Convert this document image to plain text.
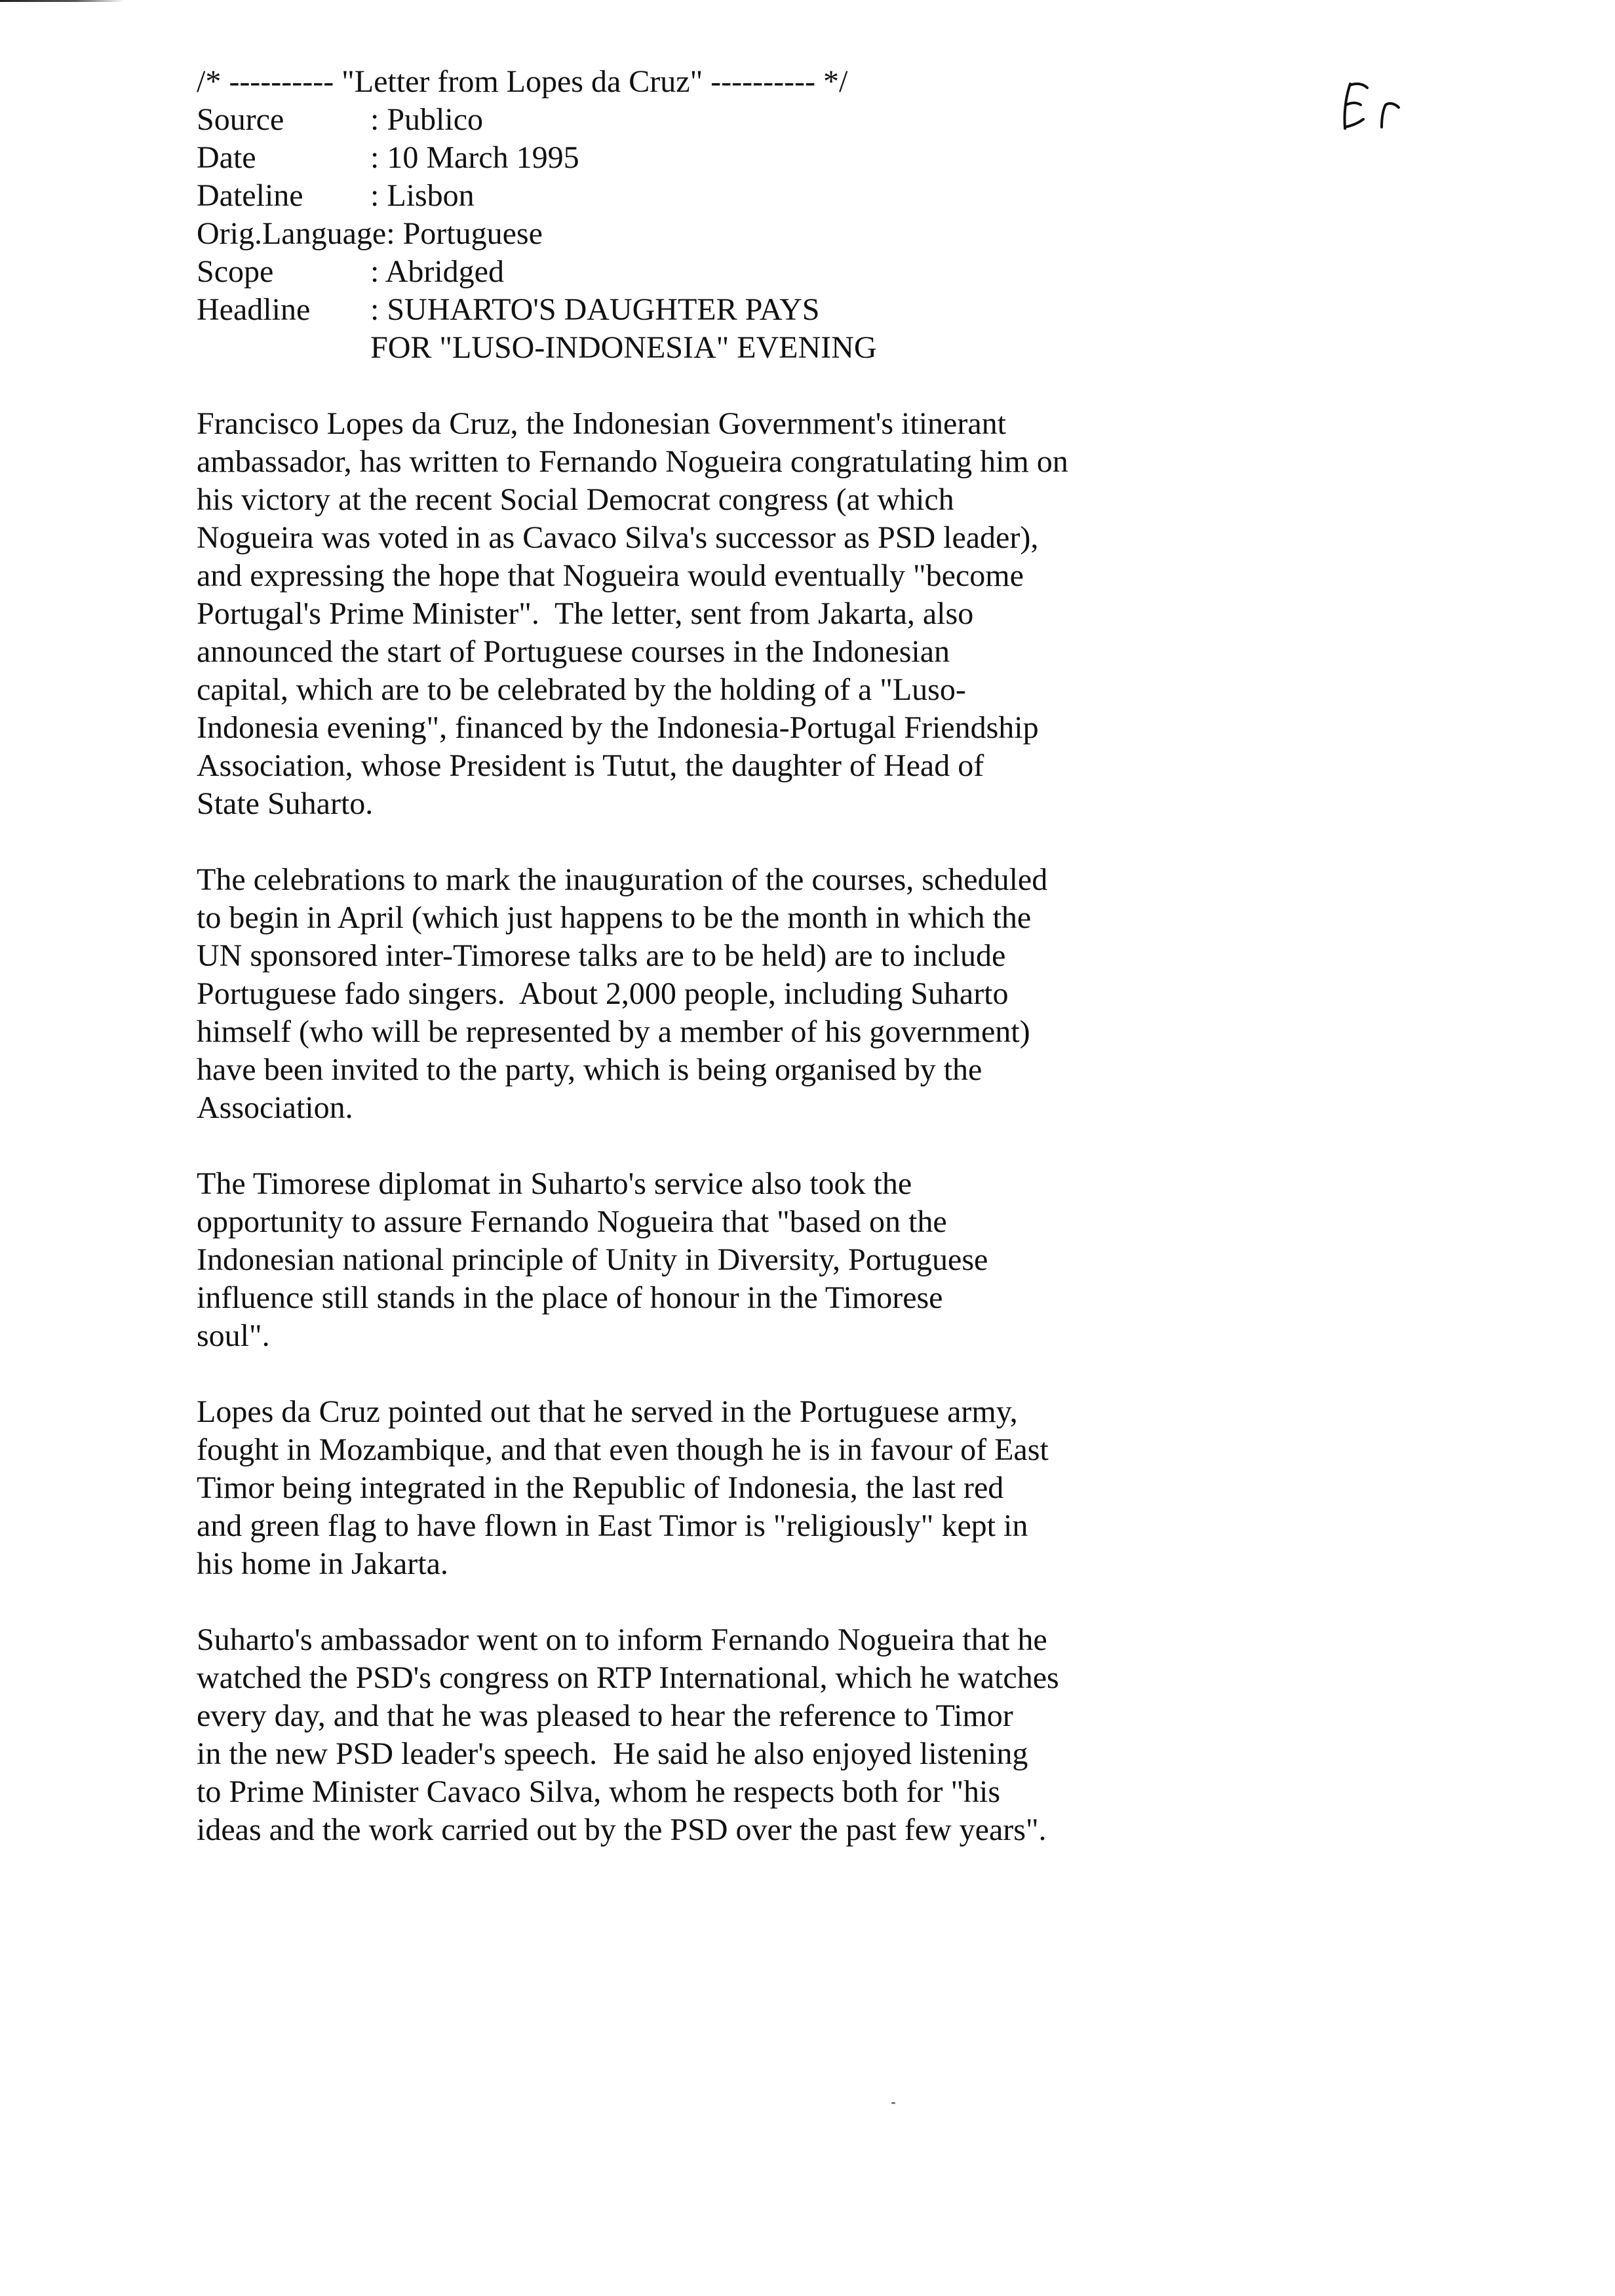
/* ---------- "Letter from Lopes da Cruz" ---------- */

Source	: Publico
Date	: 10 March 1995
Dateline	: Lisbon
Orig.Language: Portuguese
Scope	: Abridged
Headline	: SUHARTO'S DAUGHTER PAYS
FOR "LUSO-INDONESIA" EVENING

Francisco Lopes da Cruz, the Indonesian Government's itinerant
ambassador, has written to Fernando Nogueira congratulating him on
his victory at the recent Social Democrat congress (at which
Nogueira was voted in as Cavaco Silva's successor as PSD leader),
and expressing the hope that Nogueira would eventually "become
Portugal's Prime Minister".  The letter, sent from Jakarta, also
announced the start of Portuguese courses in the Indonesian
capital, which are to be celebrated by the holding of a "Luso-
Indonesia evening", financed by the Indonesia-Portugal Friendship
Association, whose President is Tutut, the daughter of Head of
State Suharto.

The celebrations to mark the inauguration of the courses, scheduled
to begin in April (which just happens to be the month in which the
UN sponsored inter-Timorese talks are to be held) are to include
Portuguese fado singers.  About 2,000 people, including Suharto
himself (who will be represented by a member of his government)
have been invited to the party, which is being organised by the
Association.

The Timorese diplomat in Suharto's service also took the
opportunity to assure Fernando Nogueira that "based on the
Indonesian national principle of Unity in Diversity, Portuguese
influence still stands in the place of honour in the Timorese
soul".

Lopes da Cruz pointed out that he served in the Portuguese army,
fought in Mozambique, and that even though he is in favour of East
Timor being integrated in the Republic of Indonesia, the last red
and green flag to have flown in East Timor is "religiously" kept in
his home in Jakarta.

Suharto's ambassador went on to inform Fernando Nogueira that he
watched the PSD's congress on RTP International, which he watches
every day, and that he was pleased to hear the reference to Timor
in the new PSD leader's speech.  He said he also enjoyed listening
to Prime Minister Cavaco Silva, whom he respects both for "his
ideas and the work carried out by the PSD over the past few years".
